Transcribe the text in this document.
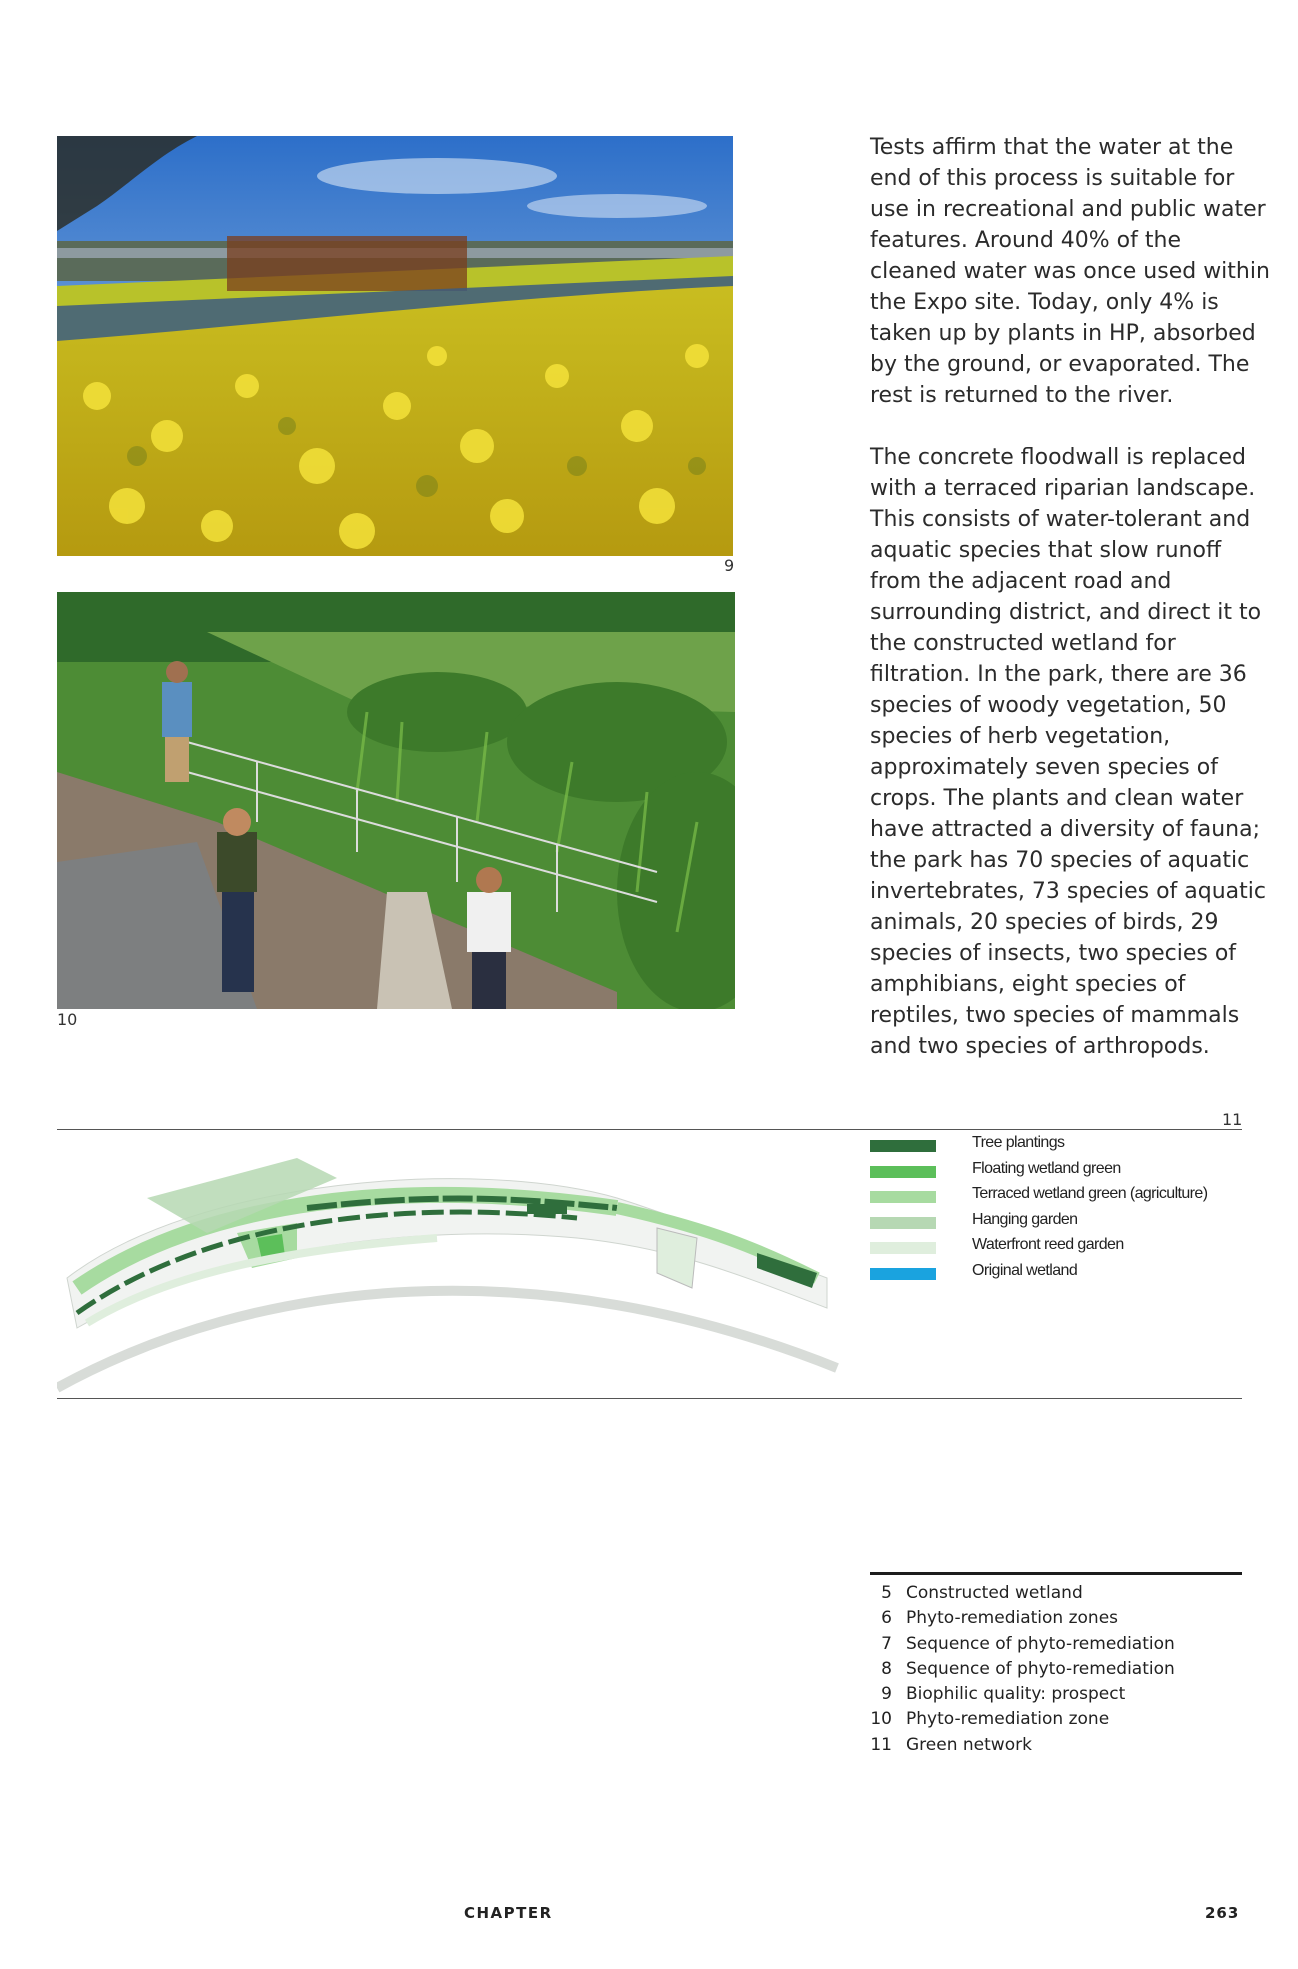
9
10

Tests affirm that the water at the end of this process is suitable for use in recreational and public water features. Around 40% of the cleaned water was once used within the Expo site. Today, only 4% is taken up by plants in HP, absorbed by the ground, or evaporated. The rest is returned to the river.

The concrete floodwall is replaced with a terraced riparian landscape. This consists of water-tolerant and aquatic species that slow runoff from the adjacent road and surrounding district, and direct it to the constructed wetland for filtration. In the park, there are 36 species of woody vegetation, 50 species of herb vegetation, approximately seven species of crops. The plants and clean water have attracted a diversity of fauna; the park has 70 species of aquatic invertebrates, 73 species of aquatic animals, 20 species of birds, 29 species of insects, two species of amphibians, eight species of reptiles, two species of mammals and two species of arthropods.

11
Tree plantings
Floating wetland green
Terraced wetland green (agriculture)
Hanging garden
Waterfront reed garden
Original wetland
5 Constructed wetland
6 Phyto-remediation zones
7 Sequence of phyto-remediation
8 Sequence of phyto-remediation
9 Biophilic quality: prospect
10 Phyto-remediation zone
11 Green network
CHAPTER	263
